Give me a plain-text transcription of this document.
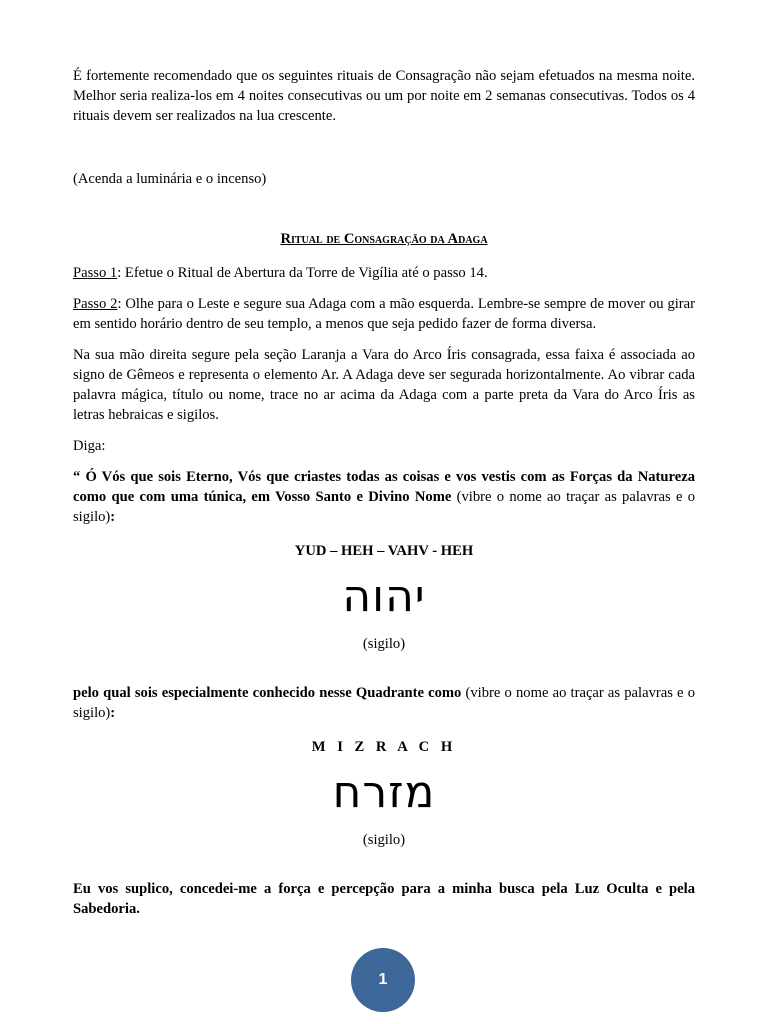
É fortemente recomendado que os seguintes rituais de Consagração não sejam efetuados na mesma noite. Melhor seria realiza-los em 4 noites consecutivas ou um por noite em 2 semanas consecutivas. Todos os 4 rituais devem ser realizados na lua crescente.

(Acenda a luminária e o incenso)

Ritual de Consagração da Adaga

Passo 1: Efetue o Ritual de Abertura da Torre de Vigília até o passo 14.

Passo 2: Olhe para o Leste e segure sua Adaga com a mão esquerda. Lembre-se sempre de mover ou girar em sentido horário dentro de seu templo, a menos que seja pedido fazer de forma diversa.

Na sua mão direita segure pela seção Laranja a Vara do Arco Íris consagrada, essa faixa é associada ao signo de Gêmeos e representa o elemento Ar. A Adaga deve ser segurada horizontalmente. Ao vibrar cada palavra mágica, título ou nome, trace no ar acima da Adaga com a parte preta da Vara do Arco Íris as letras hebraicas e sigilos.

Diga:

“ Ó Vós que sois Eterno, Vós que criastes todas as coisas e vos vestis com as Forças da Natureza como que com uma túnica, em Vosso Santo e Divino Nome (vibre o nome ao traçar as palavras e o sigilo):

YUD – HEH – VAHV - HEH
יהוה
(sigilo)

pelo qual sois especialmente conhecido nesse Quadrante como (vibre o nome ao traçar as palavras e o sigilo):

M I Z R A C H
מזרח
(sigilo)

Eu vos suplico, concedei-me a força e percepção para a minha busca pela Luz Oculta e pela Sabedoria.

1
